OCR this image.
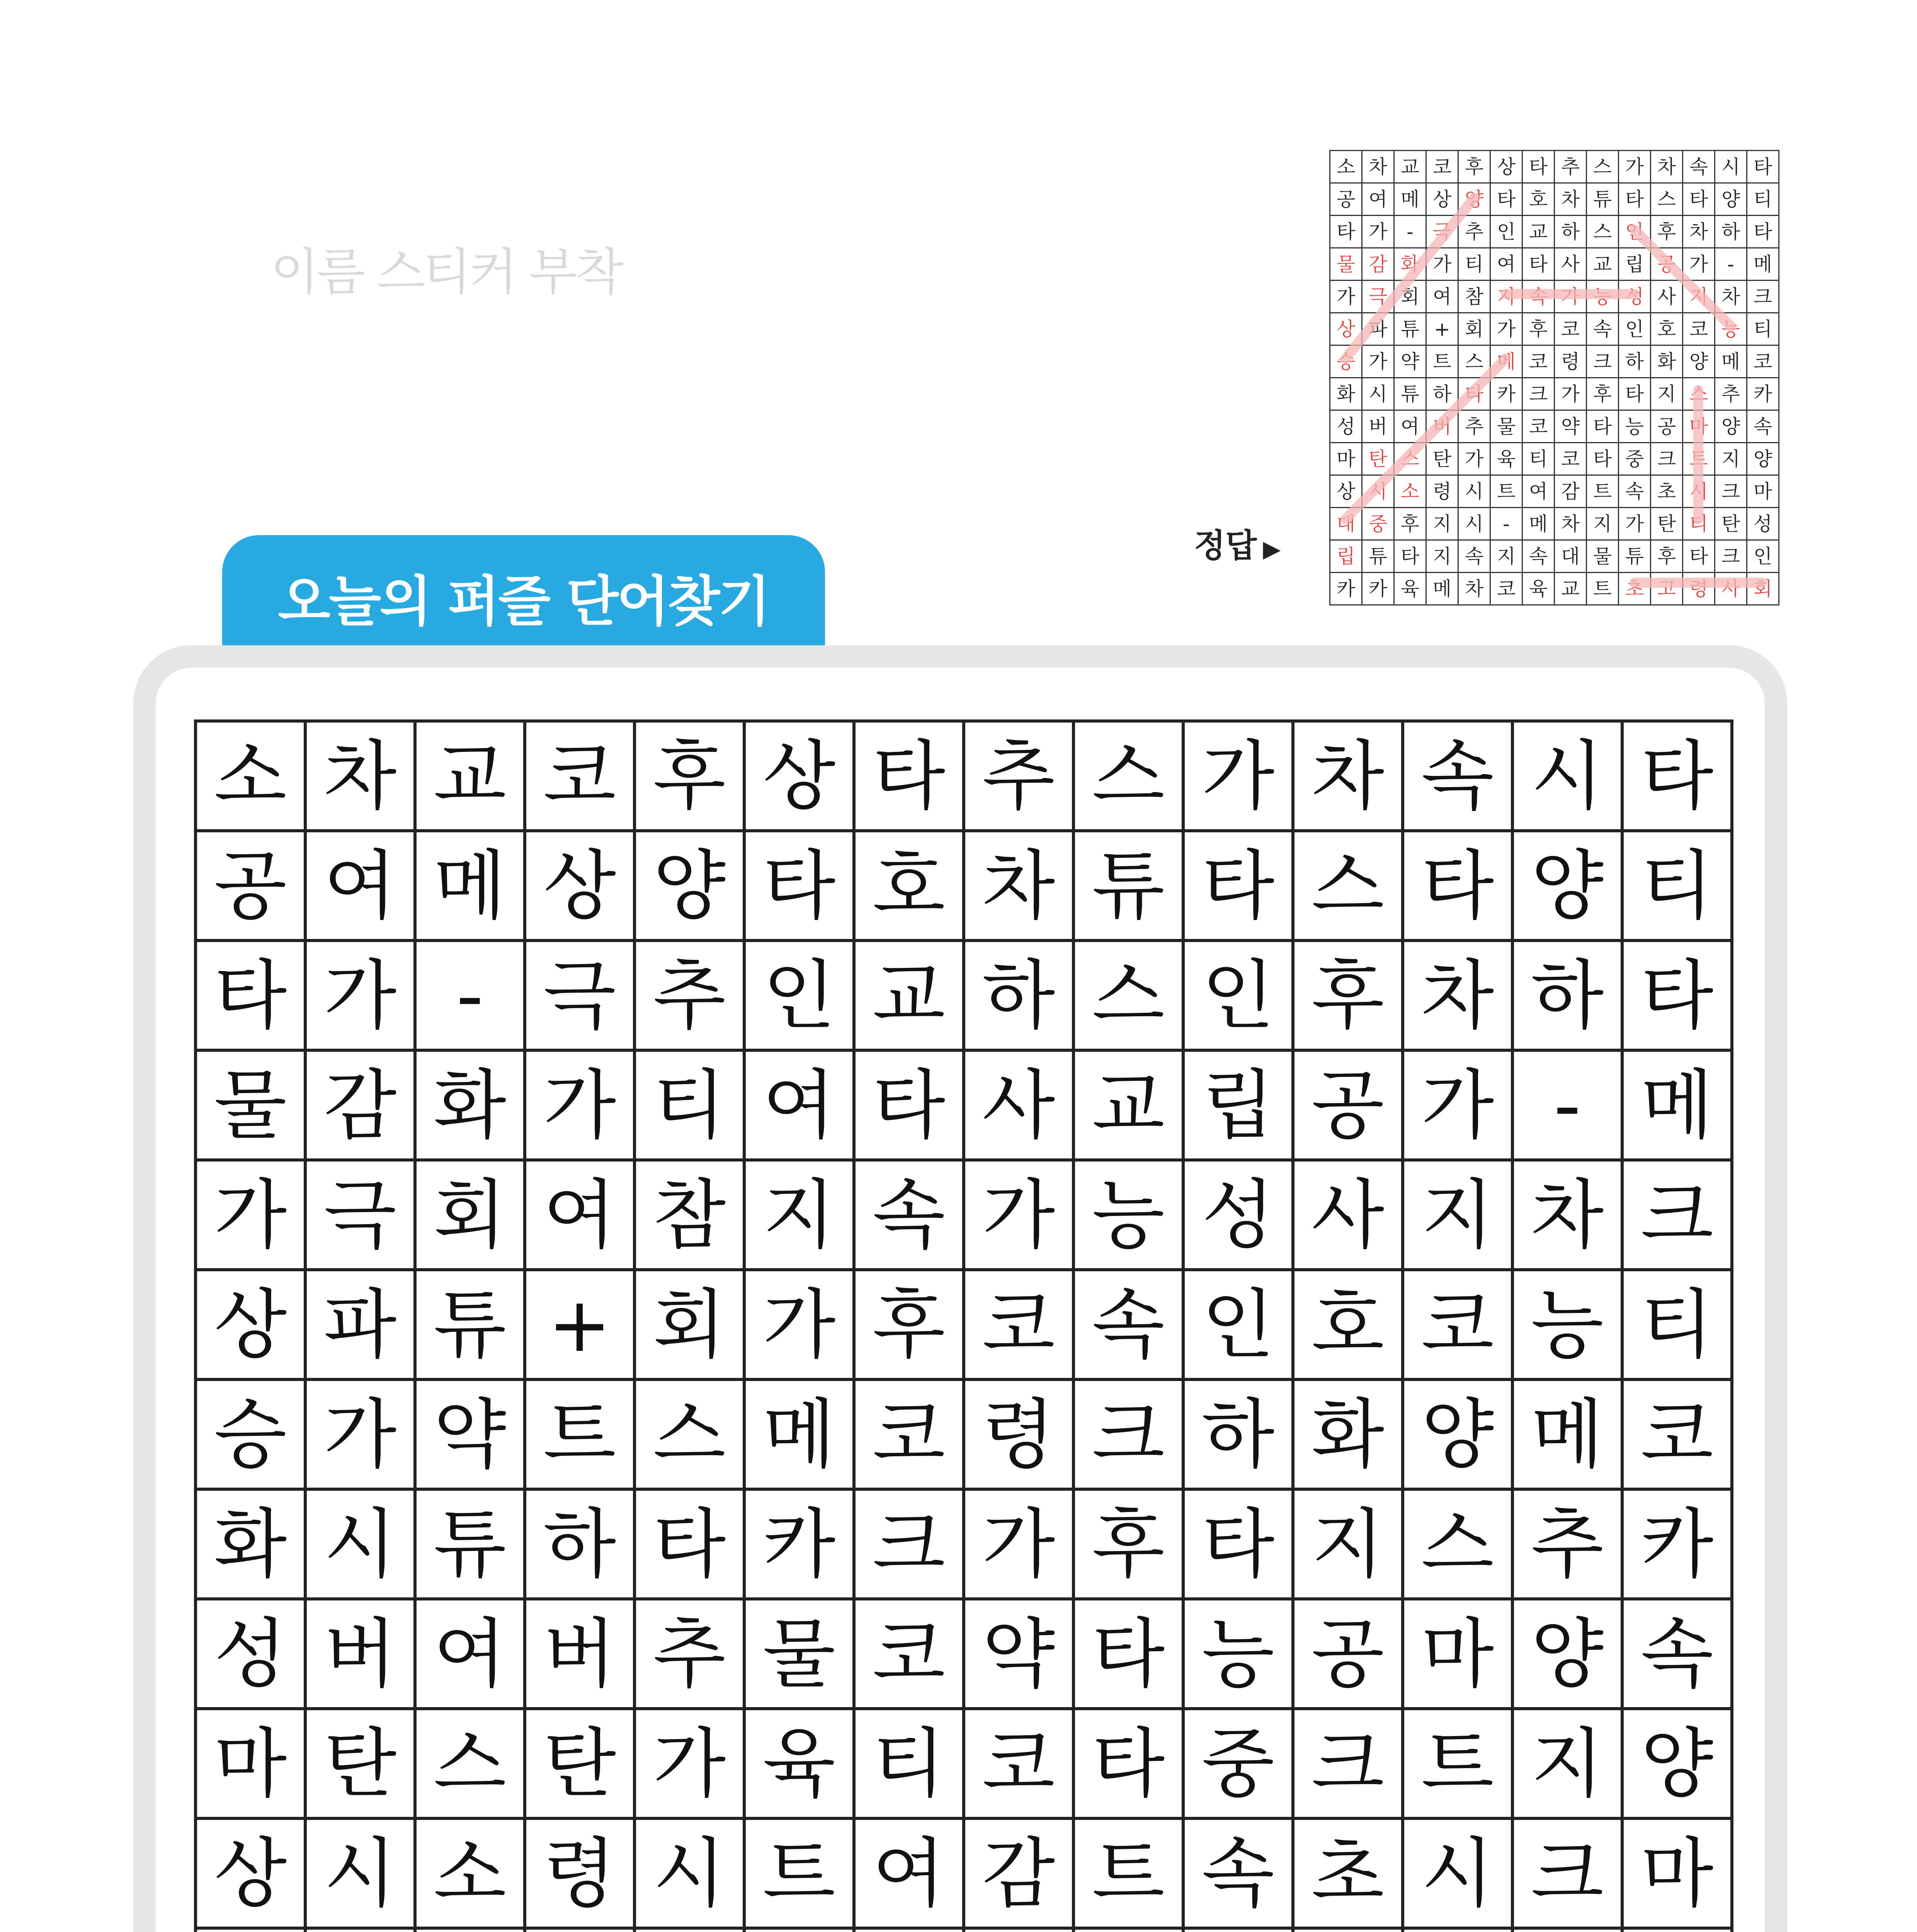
이름 스티커 부착
정답 ▶
소	차	교	코	후	상	타	추	스	가	차	속	시	타
공	여	메	상	양	타	호	차	튜	타	스	타	양	티
타	가	-	극	추	인	교	하	스	인	후	차	하	타
물	감	화	가	티	여	타	사	교	립	공	가	-	메
가	극	회	여	참	지	속	가	능	성	사	지	차	크
상	파	튜	+	회	가	후	코	속	인	호	코	능	티
승	가	약	트	스	메	코	령	크	하	화	양	메	코
화	시	튜	하	타	카	크	가	후	타	지	스	추	카
성	버	여	버	추	물	코	약	타	능	공	마	양	속
마	탄	스	탄	가	육	티	코	타	중	크	트	지	양
상	시	소	령	시	트	여	감	트	속	초	시	크	마
대	중	후	지	시	-	메	차	지	가	탄	티	탄	성
립	튜	타	지	속	지	속	대	물	튜	후	타	크	인
카	카	육	메	차	코	육	교	트	초	고	령	사	회
오늘의 퍼즐 단어찾기
소	차	교	코	후	상	타	추	스	가	차	속	시	타
공	여	메	상	양	타	호	차	튜	타	스	타	양	티
타	가	-	극	추	인	교	하	스	인	후	차	하	타
물	감	화	가	티	여	타	사	교	립	공	가	-	메
가	극	회	여	참	지	속	가	능	성	사	지	차	크
상	파	튜	+	회	가	후	코	속	인	호	코	능	티
승	가	약	트	스	메	코	령	크	하	화	양	메	코
화	시	튜	하	타	카	크	가	후	타	지	스	추	카
성	버	여	버	추	물	코	약	타	능	공	마	양	속
마	탄	스	탄	가	육	티	코	타	중	크	트	지	양
상	시	소	령	시	트	여	감	트	속	초	시	크	마
